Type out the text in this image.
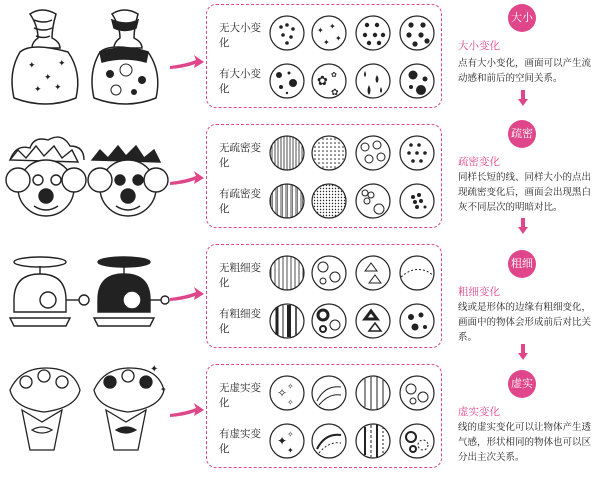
✦
✦
✦
✦ ✦
✦
✦
无大小变化
有大小变化
✦ ✦
✦ ✦
✿ ✿
✿
无疏密变化
有疏密变化
无粗细变化
有粗细变化
无虚实变化
有虚实变化
✧ ✧
✧
✦ ✧
✦
大小
大小变化
点有大小变化，画面可以产生流动感和前后的空间关系。
疏密
疏密变化
同样长短的线、同样大小的点出现疏密变化后，画面会出现黑白灰不同层次的明暗对比。
粗细
粗细变化
线或是形体的边缘有粗细变化，画面中的物体会形成前后对比关系。
虚实
虚实变化
线的虚实变化可以让物体产生透气感，形状相同的物体也可以区分出主次关系。
